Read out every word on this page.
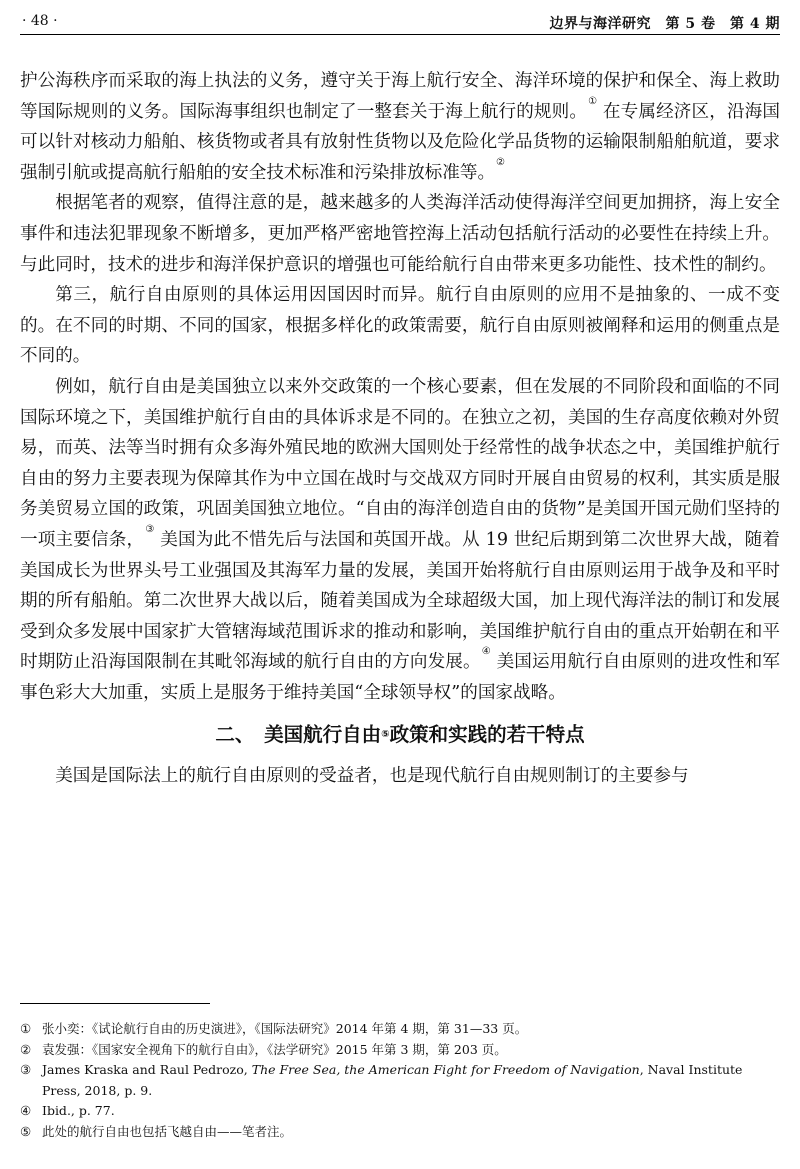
· 48 ·	边界与海洋研究　第 5 卷　第 4 期

护公海秩序而采取的海上执法的义务，遵守关于海上航行安全、海洋环境的保护和保全、海上救助等国际规则的义务。国际海事组织也制定了一整套关于海上航行的规则。① 在专属经济区，沿海国可以针对核动力船舶、核货物或者具有放射性货物以及危险化学品货物的运输限制船舶航道，要求强制引航或提高航行船舶的安全技术标准和污染排放标准等。②

根据笔者的观察，值得注意的是，越来越多的人类海洋活动使得海洋空间更加拥挤，海上安全事件和违法犯罪现象不断增多，更加严格严密地管控海上活动包括航行活动的必要性在持续上升。与此同时，技术的进步和海洋保护意识的增强也可能给航行自由带来更多功能性、技术性的制约。

第三，航行自由原则的具体运用因国因时而异。航行自由原则的应用不是抽象的、一成不变的。在不同的时期、不同的国家，根据多样化的政策需要，航行自由原则被阐释和运用的侧重点是不同的。

例如，航行自由是美国独立以来外交政策的一个核心要素，但在发展的不同阶段和面临的不同国际环境之下，美国维护航行自由的具体诉求是不同的。在独立之初，美国的生存高度依赖对外贸易，而英、法等当时拥有众多海外殖民地的欧洲大国则处于经常性的战争状态之中，美国维护航行自由的努力主要表现为保障其作为中立国在战时与交战双方同时开展自由贸易的权利，其实质是服务美贸易立国的政策，巩固美国独立地位。“自由的海洋创造自由的货物”是美国开国元勋们坚持的一项主要信条，③ 美国为此不惜先后与法国和英国开战。从 19 世纪后期到第二次世界大战，随着美国成长为世界头号工业强国及其海军力量的发展，美国开始将航行自由原则运用于战争及和平时期的所有船舶。第二次世界大战以后，随着美国成为全球超级大国，加上现代海洋法的制订和发展受到众多发展中国家扩大管辖海域范围诉求的推动和影响，美国维护航行自由的重点开始朝在和平时期防止沿海国限制在其毗邻海域的航行自由的方向发展。④ 美国运用航行自由原则的进攻性和军事色彩大大加重，实质上是服务于维持美国“全球领导权”的国家战略。

二、　美国航行自由⑤政策和实践的若干特点

美国是国际法上的航行自由原则的受益者，也是现代航行自由规则制订的主要参与

① 张小奕：《试论航行自由的历史演进》，《国际法研究》2014 年第 4 期，第 31—33 页。
② 袁发强：《国家安全视角下的航行自由》，《法学研究》2015 年第 3 期，第 203 页。
③ James Kraska and Raul Pedrozo, The Free Sea, the American Fight for Freedom of Navigation, Naval Institute Press, 2018, p. 9.
④ Ibid., p. 77.
⑤ 此处的航行自由也包括飞越自由——笔者注。
